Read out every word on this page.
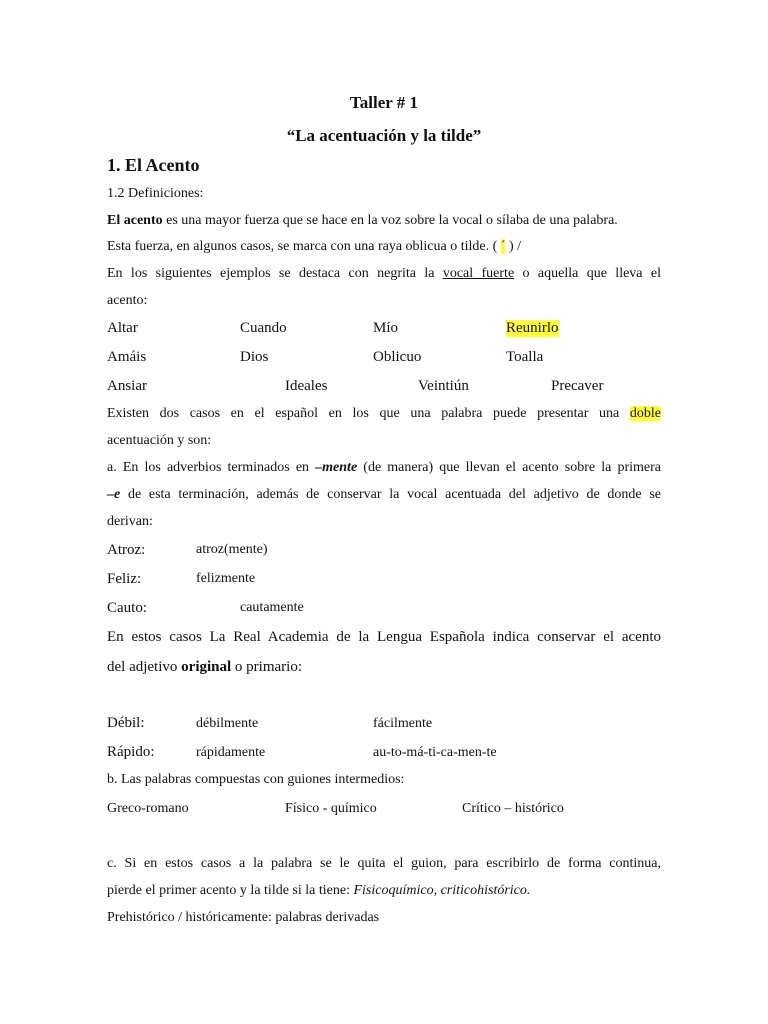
Taller # 1
“La acentuación y la tilde”
1. El Acento
1.2 Definiciones:
El acento es una mayor fuerza que se hace en la voz sobre la vocal o sílaba de una palabra.
Esta fuerza, en algunos casos, se marca con una raya oblicua o tilde. ( ´ ) /
En los siguientes ejemplos se destaca con negrita la vocal fuerte o aquella que lleva el
acento:
Altar	Cuando	Mío	Reunirlo
Amáis	Dios	Oblicuo	Toalla
Ansiar	Ideales	Veintiún	Precaver
Existen dos casos en el español en los que una palabra puede presentar una doble
acentuación y son:
a. En los adverbios terminados en –mente (de manera) que llevan el acento sobre la primera
–e de esta terminación, además de conservar la vocal acentuada del adjetivo de donde se
derivan:
Atroz:	atroz(mente)
Feliz:	felizmente
Cauto:	cautamente
En estos casos La Real Academia de la Lengua Española indica conservar el acento
del adjetivo original o primario:
Débil:	débilmente	fácilmente
Rápido:	rápidamente	au-to-má-ti-ca-men-te
b. Las palabras compuestas con guiones intermedios:
Greco-romano	Físico - químico	Crítico – histórico
c. Si en estos casos a la palabra se le quita el guion, para escribirlo de forma continua,
pierde el primer acento y la tilde si la tiene: Fisicoquímico, criticohistórico.
Prehistórico / históricamente: palabras derivadas
